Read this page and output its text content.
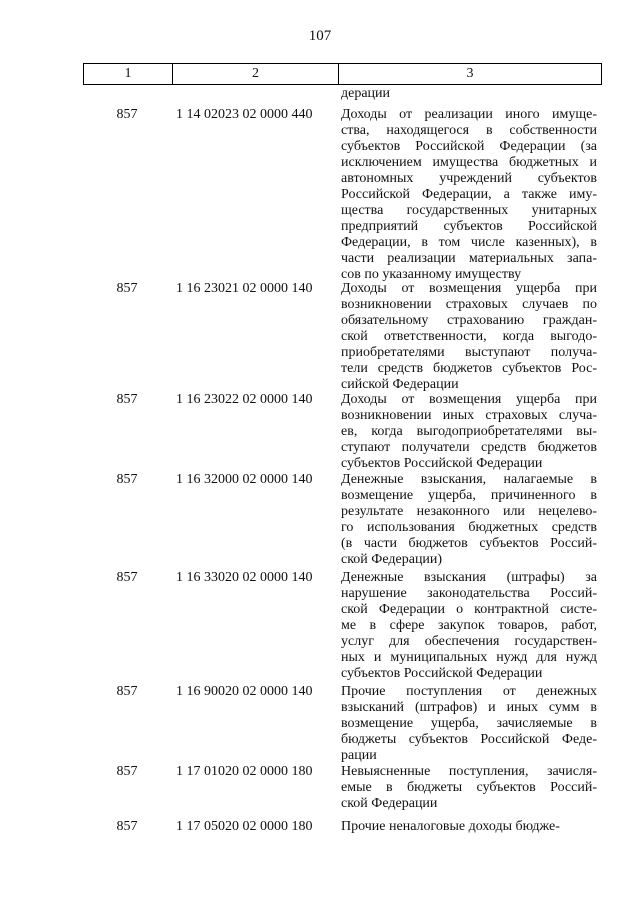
107
1	2	3
дерации
857	1 14 02023 02 0000 440	Доходы от реализации иного имуще-
ства, находящегося в собственности
субъектов Российской Федерации (за
исключением имущества бюджетных и
автономных учреждений субъектов
Российской Федерации, а также иму-
щества государственных унитарных
предприятий субъектов Российской
Федерации, в том числе казенных), в
части реализации материальных запа-
сов по указанному имуществу
857	1 16 23021 02 0000 140	Доходы от возмещения ущерба при
возникновении страховых случаев по
обязательному страхованию граждан-
ской ответственности, когда выгодо-
приобретателями выступают получа-
тели средств бюджетов субъектов Рос-
сийской Федерации
857	1 16 23022 02 0000 140	Доходы от возмещения ущерба при
возникновении иных страховых случа-
ев, когда выгодоприобретателями вы-
ступают получатели средств бюджетов
субъектов Российской Федерации
857	1 16 32000 02 0000 140	Денежные взыскания, налагаемые в
возмещение ущерба, причиненного в
результате незаконного или нецелево-
го использования бюджетных средств
(в части бюджетов субъектов Россий-
ской Федерации)
857	1 16 33020 02 0000 140	Денежные взыскания (штрафы) за
нарушение законодательства Россий-
ской Федерации о контрактной систе-
ме в сфере закупок товаров, работ,
услуг для обеспечения государствен-
ных и муниципальных нужд для нужд
субъектов Российской Федерации
857	1 16 90020 02 0000 140	Прочие поступления от денежных
взысканий (штрафов) и иных сумм в
возмещение ущерба, зачисляемые в
бюджеты субъектов Российской Феде-
рации
857	1 17 01020 02 0000 180	Невыясненные поступления, зачисля-
емые в бюджеты субъектов Россий-
ской Федерации
857	1 17 05020 02 0000 180	Прочие неналоговые доходы бюдже-
